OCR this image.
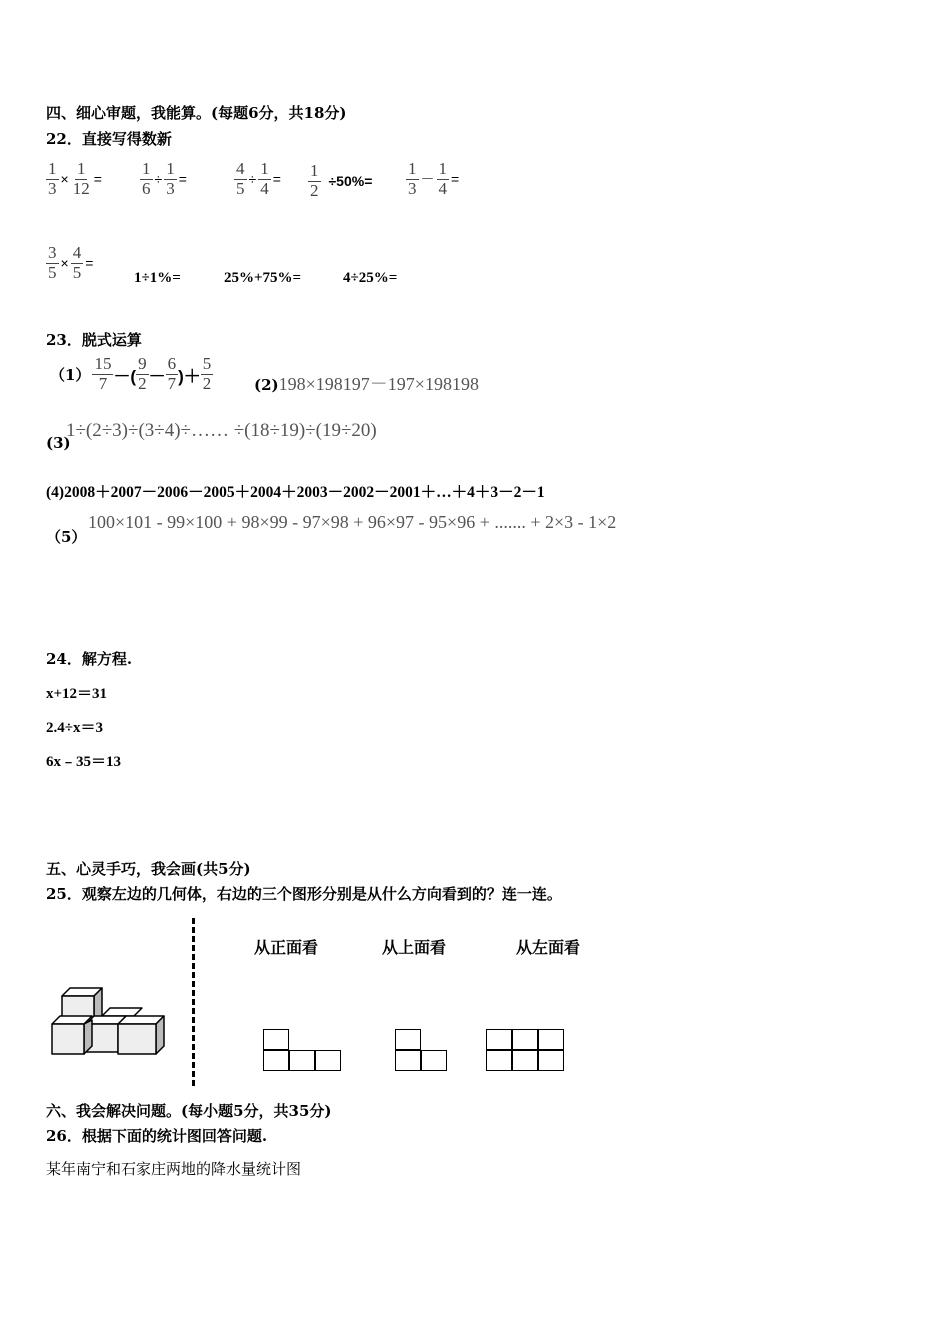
四、细心审题，我能算。(每题6分，共18分)
22．直接写得数新
$\frac{1}{3} \times \frac{1}{12} = \frac{1}{6} \div \frac{1}{3}$ =	$\frac{4}{5} \div \frac{1}{4} = \frac{1}{2} \div 50\%= \frac{1}{3} - \frac{1}{4}$ =
$\frac{3}{5} \times \frac{4}{5}$ =
1÷1%=	25%+75%=	4÷25%=
23．脱式运算
$(1) \frac{15}{7}$ －( $\frac{9}{2} - \frac{6}{7}$ )＋ $\frac{5}{2}$	(2)198×198197－197×198198
(3)
1÷(2÷3)÷(3÷4)÷…… ÷(18÷19)÷(19÷20)
(4)2008＋2007－2006－2005＋2004＋2003－2002－2001＋…＋4＋3－2－1
（5）
100×101 - 99×100 + 98×99 - 97×98 + 96×97 - 95×96 + ....... + 2×3 - 1×2
24．解方程.
x+12＝31
2.4÷x＝3
6x﹣35＝13
五、心灵手巧，我会画(共5分)
25．观察左边的几何体，右边的三个图形分别是从什么方向看到的？连一连。
从正面看	从上面看	从左面看
六、我会解决问题。(每小题5分，共35分)
26．根据下面的统计图回答问题.
某年南宁和石家庄两地的降水量统计图
